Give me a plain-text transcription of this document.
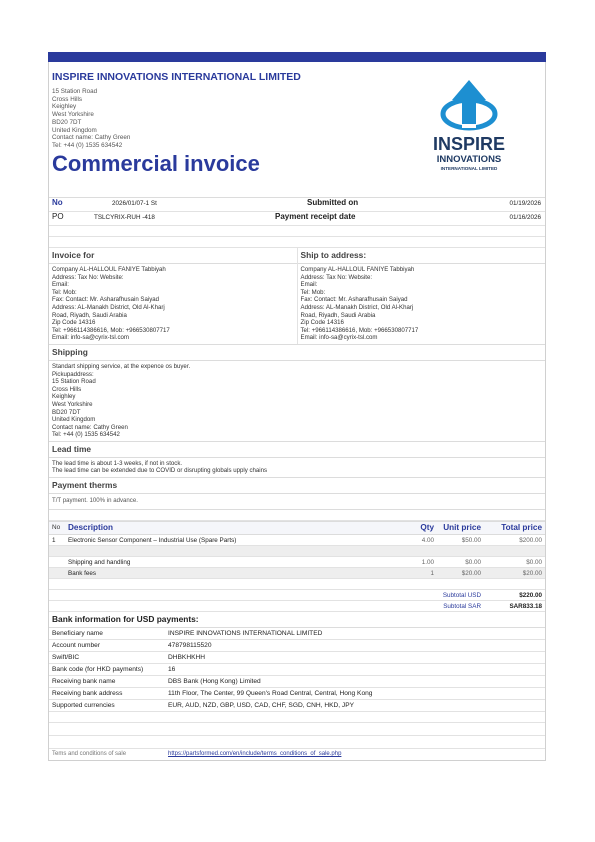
INSPIRE INNOVATIONS INTERNATIONAL LIMITED
15 Station Road
Cross Hills
Keighley
West Yorkshire
BD20 7DT
United Kingdom
Contact name: Cathy Green
Tel: +44 (0) 1535 634542
Commercial invoice
INSPIRE
INNOVATIONS
INTERNATIONAL LIMITED
No	2026/01/07-1 St	Submitted on	01/19/2026
PO	TSLCYRIX-RUH -418	Payment receipt date	01/16/2026
Invoice for
Company AL-HALLOUL FANIYE Tabbiyah
Address: Tax No: Website:
Email:
Tel: Mob:
Fax: Contact: Mr. Asharafhusain Saiyad
Address: AL-Manakh District, Old Al-Kharj
Road, Riyadh, Saudi Arabia
Zip Code 14316
Tel: +966114386616, Mob: +966530807717
Email: info-sa@cyrix-tsl.com
Ship to address:
Company AL-HALLOUL FANIYE Tabbiyah
Address: Tax No: Website:
Email:
Tel: Mob:
Fax: Contact: Mr. Asharafhusain Saiyad
Address: AL-Manakh District, Old Al-Kharj
Road, Riyadh, Saudi Arabia
Zip Code 14316
Tel: +966114386616, Mob: +966530807717
Email: info-sa@cyrix-tsl.com
Shipping
Standart shipping service, at the expence os buyer.
Pickupaddress:
15 Station Road
Cross Hills
Keighley
West Yorkshire
BD20 7DT
United Kingdom
Contact name: Cathy Green
Tel: +44 (0) 1535 634542
Lead time
The lead time is about 1-3 weeks, if not in stock.
The lead time can be extended due to COVID or disrupting globals upply chains
Payment therms
T/T payment. 100% in advance.
No Description	Qty Unit price Total price
1 Electronic Sensor Component – Industrial Use (Spare Parts)	4.00	$50.00	$200.00
Shipping and handling	1.00	$0.00	$0.00
Bank fees	1	$20.00	$20.00
Subtotal USD	$220.00
Subtotal SAR	SAR833.18
Bank information for USD payments:
Beneficiary name	INSPIRE INNOVATIONS INTERNATIONAL LIMITED
Account number	478798115520
Swift/BIC	DHBKHKHH
Bank code (for HKD payments)	16
Receiving bank name	DBS Bank (Hong Kong) Limited
Receiving bank address	11th Floor, The Center, 99 Queen's Road Central, Central, Hong Kong
Supported currencies	EUR, AUD, NZD, GBP, USD, CAD, CHF, SGD, CNH, HKD, JPY
Tems and conditions of sale	https://partsformed.com/en/include/terms_conditions_of_sale.php
